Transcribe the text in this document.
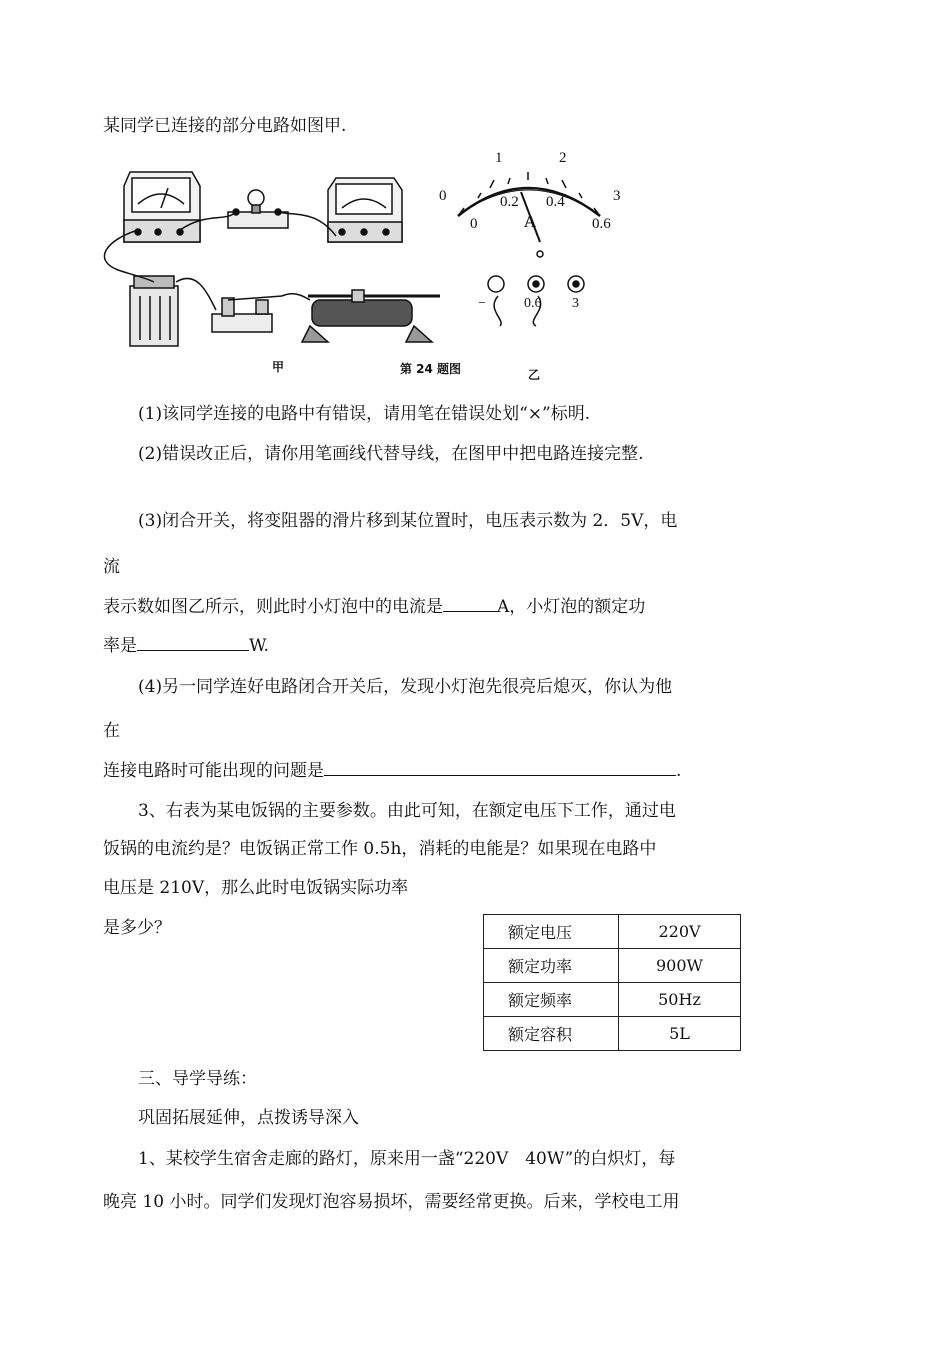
某同学已连接的部分电路如图甲.
0
1	2
3
0
0.2 0.4
0.6
A
−	0.6 3
甲	第 24 题图	乙
(1)该同学连接的电路中有错误，请用笔在错误处划“×”标明.
(2)错误改正后，请你用笔画线代替导线，在图甲中把电路连接完整.
(3)闭合开关，将变阻器的滑片移到某位置时，电压表示数为 2．5V，电
流
表示数如图乙所示，则此时小灯泡中的电流是	A，小灯泡的额定功
率是	W.
(4)另一同学连好电路闭合开关后，发现小灯泡先很亮后熄灭，你认为他
在
连接电路时可能出现的问题是	.
3、右表为某电饭锅的主要参数。由此可知，在额定电压下工作，通过电
饭锅的电流约是？电饭锅正常工作 0.5h，消耗的电能是？如果现在电路中
电压是 210V，那么此时电饭锅实际功率
是多少？	额定电压	220V
额定功率	900W
额定频率	50Hz
额定容积	5L
三、导学导练：
巩固拓展延伸，点拨诱导深入
1、某校学生宿舍走廊的路灯，原来用一盏“220V　40W”的白炽灯，每
晚亮 10 小时。同学们发现灯泡容易损坏，需要经常更换。后来，学校电工用
